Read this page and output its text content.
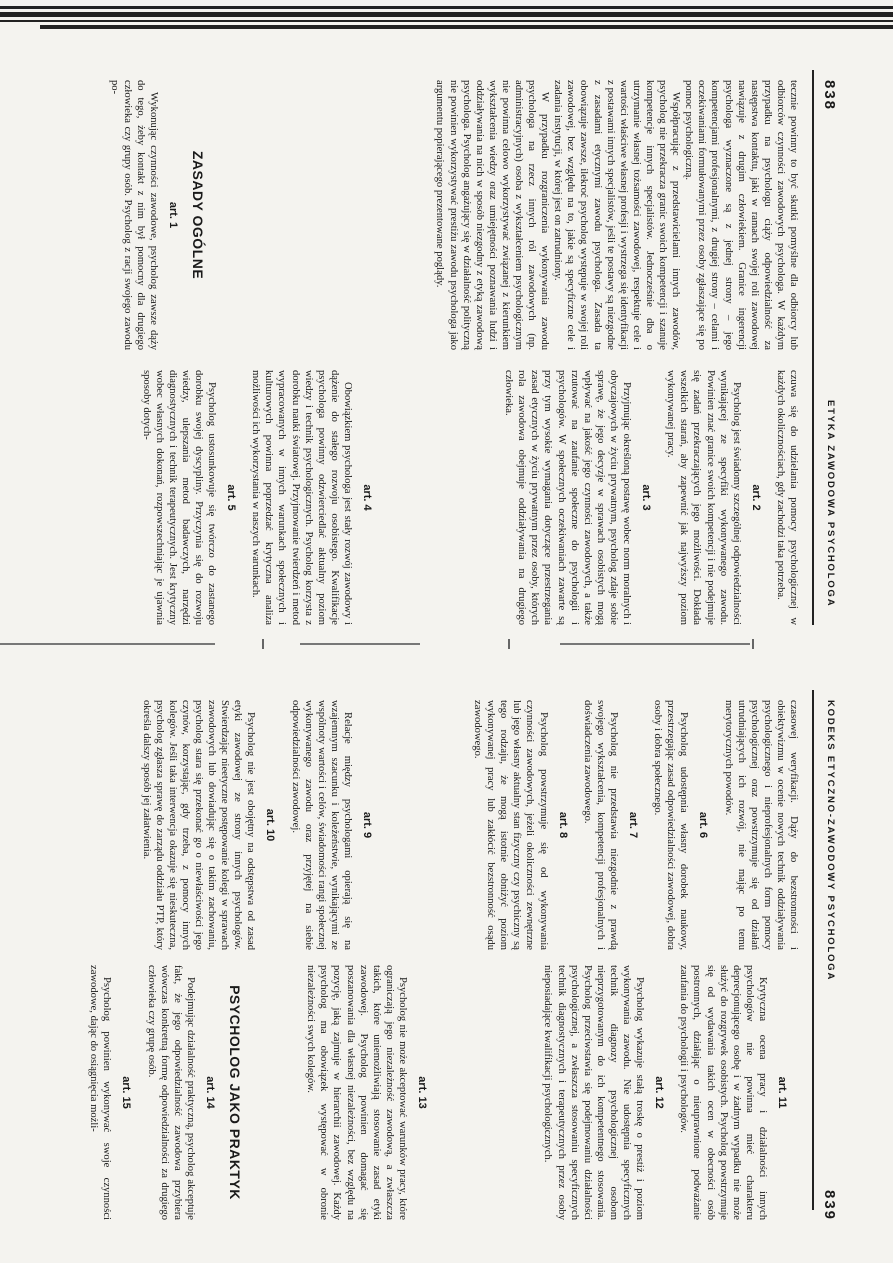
838
ETYKA ZAWODOWA PSYCHOLOGA

tecznie powinny to być skutki pomyślne dla odbiorcy lub odbiorców czynności zawodowych psychologa. W każdym przypadku na psychologu ciąży odpowiedzialność za następstwa kontaktu, jaki w ramach swojej roli zawodowej nawiązuje z drugim człowiekiem. Granice ingerencji psychologa wyznaczone są z jednej strony – jego kompetencjami profesjonalnymi, z drugiej strony – celami i oczekiwaniami formułowanymi przez osoby zgłaszające się po pomoc psychologiczną.

Współpracując z przedstawicielami innych zawodów, psycholog nie przekracza granic swoich kompetencji i szanuje kompetencje innych specjalistów. Jednocześnie dba o utrzymanie własnej tożsamości zawodowej, respektuje cele i wartości właściwe własnej profesji i wystrzega się identyfikacji z postawami innych specjalistów, jeśli te postawy są niezgodne z zasadami etycznymi zawodu psychologa. Zasada ta obowiązuje zawsze, ilekroć psycholog występuje w swojej roli zawodowej, bez względu na to, jakie są specyficzne cele i zadania instytucji, w której jest on zatrudniony.

W przypadku rozgraniczenia wykonywania zawodu psychologa na rzecz innych ról zawodowych (np. administracyjnych) osoba z wykształceniem psychologicznym nie powinna celowo wykorzystywać związanej z kierunkiem wykształcenia wiedzy oraz umiejętności poznawania ludzi i oddziaływania na nich w sposób niezgodny z etyką zawodową psychologa. Psycholog angażujący się w działalność polityczną nie powinien wykorzystywać prestiżu zawodu psychologa jako argumentu popierającego prezentowane poglądy.

ZASADY OGÓLNE

art. 1

Wykonując czynności zawodowe, psycholog zawsze dąży do tego, żeby kontakt z nim był pomocny dla drugiego człowieka czy grupy osób. Psycholog z racji swojego zawodu po-

czuwa się do udzielania pomocy psychologicznej w każdych okolicznościach, gdy zachodzi taka potrzeba.

art. 2

Psycholog jest świadomy szczególnej odpowiedzialności wynikającej ze specyfiki wykonywanego zawodu. Powinien znać granice swoich kompetencji i nie podejmuje się zadań przekraczających jego możliwości. Dokłada wszelkich starań, aby zapewnić jak najwyższy poziom wykonywanej pracy.

art. 3

Przyjmując określoną postawę wobec norm moralnych i obyczajowych w życiu prywatnym, psycholog zdaje sobie sprawę, że jego decyzje w sprawach osobistych mogą wpływać na jakość jego czynności zawodowych, a także rzutować na zaufanie społeczne do psychologii i psychologów. W społecznych oczekiwaniach zawarte są przy tym wysokie wymagania dotyczące przestrzegania zasad etycznych w życiu prywatnym przez osoby, których rola zawodowa obejmuje oddziaływania na drugiego człowieka.

art. 4

Obowiązkiem psychologa jest stały rozwój zawodowy i dążenie do stałego rozwoju osobistego. Kwalifikacje psychologa powinny odzwierciedlać aktualny poziom wiedzy i technik psychologicznych. Psycholog korzysta z dorobku nauki światowej. Przyjmowanie twierdzeń i metod wypracowanych w innych warunkach społecznych i kulturowych powinna poprzedzać krytyczna analiza możliwości ich wykorzystania w naszych warunkach.

art. 5

Psycholog ustosunkowuje się twórczo do zastanego dorobku swojej dyscypliny. Przyczynia się do rozwoju wiedzy, ulepszania metod badawczych, narzędzi diagnostycznych i technik terapeutycznych. Jest krytyczny wobec własnych dokonań, rozpowszechniając je ujawnia sposoby dotych-

KODEKS ETYCZNO-ZAWODOWY PSYCHOLOGA
839

czasowej weryfikacji. Dąży do bezstronności i obiektywizmu w ocenie nowych technik oddziaływania psychologicznego i nieprofesjonalnych form pomocy psychologicznej oraz powstrzymuje się od działań utrudniających ich rozwój, nie mając po temu merytorycznych powodów.

art. 6

Psycholog udostępnia własny dorobek naukowy, przestrzegając zasad odpowiedzialności zawodowej, dobra osoby i dobra społecznego.

art. 7

Psycholog nie przedstawia niezgodnie z prawdą swojego wykształcenia, kompetencji profesjonalnych i doświadczenia zawodowego.

art. 8

Psycholog powstrzymuje się od wykonywania czynności zawodowych, jeżeli okoliczności zewnętrzne lub jego własny aktualny stan fizyczny czy psychiczny są tego rodzaju, że mogą istotnie obniżyć poziom wykonywanej pracy lub zakłócić bezstronność osądu zawodowego.

art. 9

Relacje między psychologami opierają się na wzajemnym szacunku i koleżeństwie, wynikającymi ze wspólnoty wartości i celów, świadomości rangi społecznej wykonywanego zawodu oraz przyjętej na siebie odpowiedzialności zawodowej.

art. 10

Psycholog nie jest obojętny na odstępstwa od zasad etyki zawodowej ze strony innych psychologów. Stwierdzając nieetyczne postępowanie kolegi w sprawach zawodowych lub dowiadując się o takim zachowaniu, psycholog stara się przekonać go o niewłaściwości jego czynów, korzystając, gdy trzeba, z pomocy innych kolegów. Jeśli taka interwencja okazuje się nieskuteczna, psycholog zgłasza sprawę do zarządu oddziału PTP, który określa dalszy sposób jej załatwienia.

art. 11

Krytyczna ocena pracy i działalności innych psychologów nie powinna mieć charakteru deprecjonującego osobę i w żadnym wypadku nie może służyć do rozgrywek osobistych. Psycholog powstrzymuje się od wydawania takich ocen w obecności osób postronnych, działając o nieuprawnione podważanie zaufania do psychologii i psychologów.

art. 12

Psycholog wykazuje stałą troskę o prestiż i poziom wykonywania zawodu. Nie udostępnia specyficznych technik diagnozy psychologicznej osobom nieprzygotowanym do ich kompetentnego stosowania. Psycholog przeciwstawia się podejmowaniu działalności psychologicznej, a zwłaszcza stosowaniu specyficznych technik diagnostycznych i terapeutycznych przez osoby nieposiadające kwalifikacji psychologicznych.

art. 13

Psycholog nie może akceptować warunków pracy, które ograniczają jego niezależność zawodową, a zwłaszcza takich, które uniemożliwiają stosowanie zasad etyki zawodowej. Psycholog powinien domagać się poszanowania dla własnej niezależności, bez względu na pozycję, jaką zajmuje w hierarchii zawodowej. Każdy psycholog ma obowiązek występować w obronie niezależności swych kolegów.

PSYCHOLOG JAKO PRAKTYK

art. 14

Podejmując działalność praktyczną, psycholog akceptuje fakt, że jego odpowiedzialność zawodowa przybiera wówczas konkretną formę odpowiedzialności za drugiego człowieka czy grupę osób.

art. 15

Psycholog powinien wykonywać swoje czynności zawodowe, dając do osiągnięcia możli-
